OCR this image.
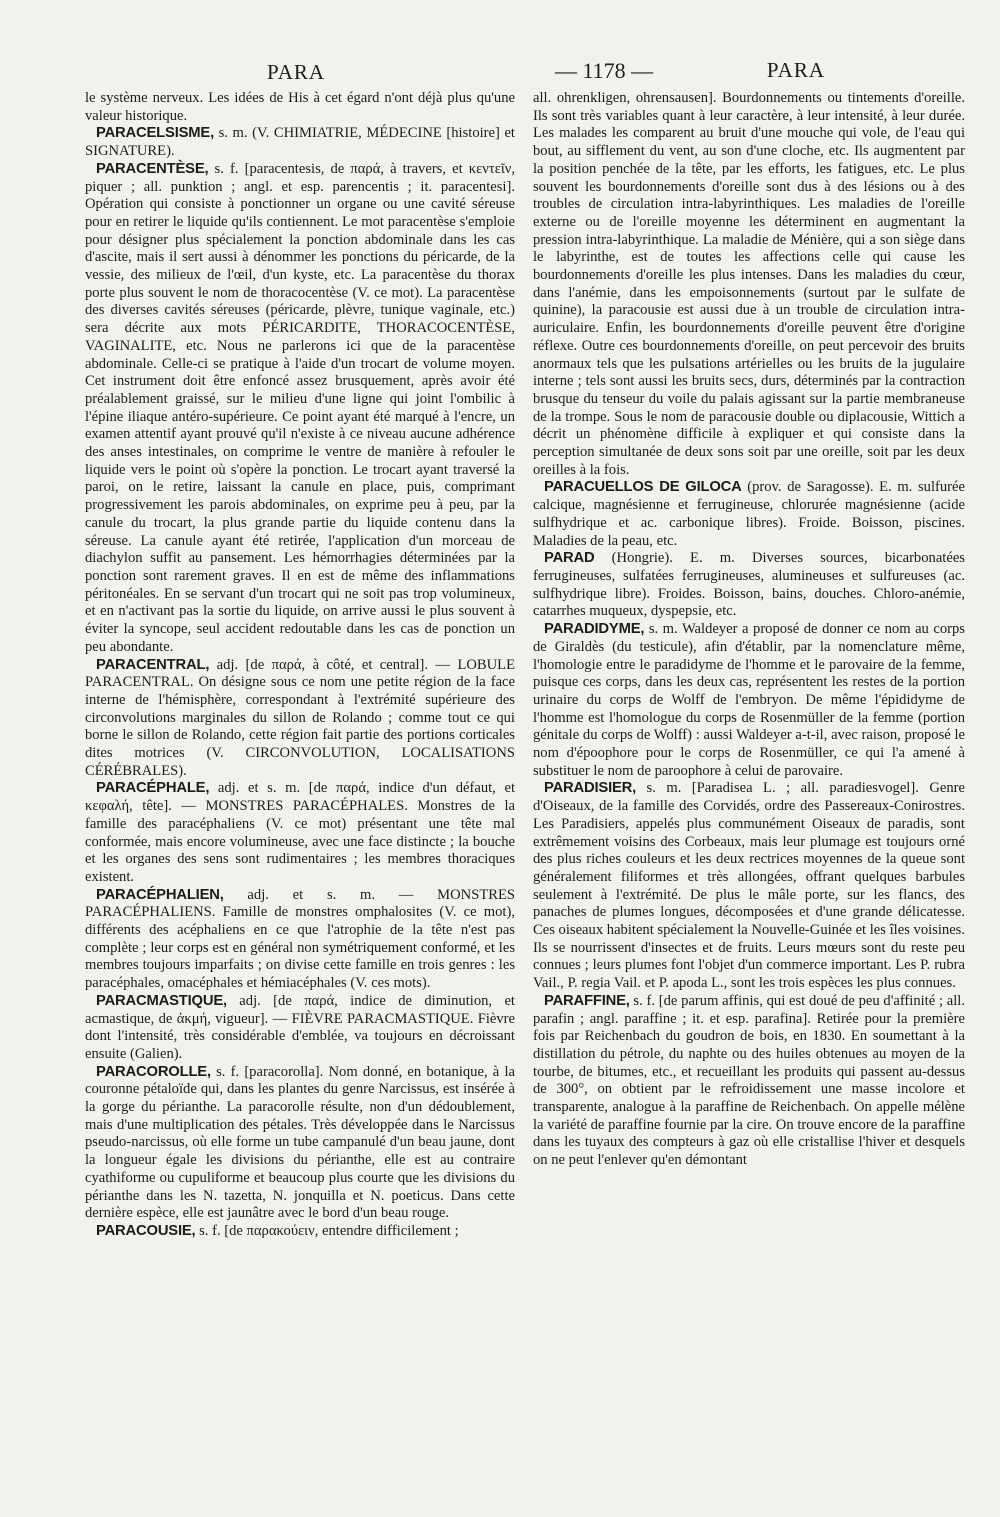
PARA	— 1178 —	PARA

le système nerveux. Les idées de His à cet égard n'ont déjà plus qu'une valeur historique.

PARACELSISME, s. m. (V. CHIMIATRIE, MÉDECINE [histoire] et SIGNATURE).

PARACENTÈSE, s. f. [paracentesis, de παρά, à travers, et κεντεῖν, piquer ; all. punktion ; angl. et esp. parencentis ; it. paracentesi]. Opération qui consiste à ponctionner un organe ou une cavité séreuse pour en retirer le liquide qu'ils contiennent. Le mot paracentèse s'emploie pour désigner plus spécialement la ponction abdominale dans les cas d'ascite, mais il sert aussi à dénommer les ponctions du péricarde, de la vessie, des milieux de l'œil, d'un kyste, etc. La paracentèse du thorax porte plus souvent le nom de thoracocentèse (V. ce mot). La paracentèse des diverses cavités séreuses (péricarde, plèvre, tunique vaginale, etc.) sera décrite aux mots PÉRICARDITE, THORACOCENTÈSE, VAGINALITE, etc. Nous ne parlerons ici que de la paracentèse abdominale. Celle-ci se pratique à l'aide d'un trocart de volume moyen. Cet instrument doit être enfoncé assez brusquement, après avoir été préalablement graissé, sur le milieu d'une ligne qui joint l'ombilic à l'épine iliaque antéro-supérieure. Ce point ayant été marqué à l'encre, un examen attentif ayant prouvé qu'il n'existe à ce niveau aucune adhérence des anses intestinales, on comprime le ventre de manière à refouler le liquide vers le point où s'opère la ponction. Le trocart ayant traversé la paroi, on le retire, laissant la canule en place, puis, comprimant progressivement les parois abdominales, on exprime peu à peu, par la canule du trocart, la plus grande partie du liquide contenu dans la séreuse. La canule ayant été retirée, l'application d'un morceau de diachylon suffit au pansement. Les hémorrhagies déterminées par la ponction sont rarement graves. Il en est de même des inflammations péritonéales. En se servant d'un trocart qui ne soit pas trop volumineux, et en n'activant pas la sortie du liquide, on arrive aussi le plus souvent à éviter la syncope, seul accident redoutable dans les cas de ponction un peu abondante.

PARACENTRAL, adj. [de παρά, à côté, et central]. — LOBULE PARACENTRAL. On désigne sous ce nom une petite région de la face interne de l'hémisphère, correspondant à l'extrémité supérieure des circonvolutions marginales du sillon de Rolando ; comme tout ce qui borne le sillon de Rolando, cette région fait partie des portions corticales dites motrices (V. CIRCONVOLUTION, LOCALISATIONS CÉRÉBRALES).

PARACÉPHALE, adj. et s. m. [de παρά, indice d'un défaut, et κεφαλή, tête]. — MONSTRES PARACÉPHALES. Monstres de la famille des paracéphaliens (V. ce mot) présentant une tête mal conformée, mais encore volumineuse, avec une face distincte ; la bouche et les organes des sens sont rudimentaires ; les membres thoraciques existent.

PARACÉPHALIEN, adj. et s. m. — MONSTRES PARACÉPHALIENS. Famille de monstres omphalosites (V. ce mot), différents des acéphaliens en ce que l'atrophie de la tête n'est pas complète ; leur corps est en général non symétriquement conformé, et les membres toujours imparfaits ; on divise cette famille en trois genres : les paracéphales, omacéphales et hémiacéphales (V. ces mots).

PARACMASTIQUE, adj. [de παρά, indice de diminution, et acmastique, de ἀκμή, vigueur]. — FIÈVRE PARACMASTIQUE. Fièvre dont l'intensité, très considérable d'emblée, va toujours en décroissant ensuite (Galien).

PARACOROLLE, s. f. [paracorolla]. Nom donné, en botanique, à la couronne pétaloïde qui, dans les plantes du genre Narcissus, est insérée à la gorge du périanthe. La paracorolle résulte, non d'un dédoublement, mais d'une multiplication des pétales. Très développée dans le Narcissus pseudo-narcissus, où elle forme un tube campanulé d'un beau jaune, dont la longueur égale les divisions du périanthe, elle est au contraire cyathiforme ou cupuliforme et beaucoup plus courte que les divisions du périanthe dans les N. tazetta, N. jonquilla et N. poeticus. Dans cette dernière espèce, elle est jaunâtre avec le bord d'un beau rouge.

PARACOUSIE, s. f. [de παρακούειν, entendre difficilement ;

all. ohrenkligen, ohrensausen]. Bourdonnements ou tintements d'oreille. Ils sont très variables quant à leur caractère, à leur intensité, à leur durée. Les malades les comparent au bruit d'une mouche qui vole, de l'eau qui bout, au sifflement du vent, au son d'une cloche, etc. Ils augmentent par la position penchée de la tête, par les efforts, les fatigues, etc. Le plus souvent les bourdonnements d'oreille sont dus à des lésions ou à des troubles de circulation intra-labyrinthiques. Les maladies de l'oreille externe ou de l'oreille moyenne les déterminent en augmentant la pression intra-labyrinthique. La maladie de Ménière, qui a son siège dans le labyrinthe, est de toutes les affections celle qui cause les bourdonnements d'oreille les plus intenses. Dans les maladies du cœur, dans l'anémie, dans les empoisonnements (surtout par le sulfate de quinine), la paracousie est aussi due à un trouble de circulation intra-auriculaire. Enfin, les bourdonnements d'oreille peuvent être d'origine réflexe. Outre ces bourdonnements d'oreille, on peut percevoir des bruits anormaux tels que les pulsations artérielles ou les bruits de la jugulaire interne ; tels sont aussi les bruits secs, durs, déterminés par la contraction brusque du tenseur du voile du palais agissant sur la partie membraneuse de la trompe. Sous le nom de paracousie double ou diplacousie, Wittich a décrit un phénomène difficile à expliquer et qui consiste dans la perception simultanée de deux sons soit par une oreille, soit par les deux oreilles à la fois.

PARACUELLOS DE GILOCA (prov. de Saragosse). E. m. sulfurée calcique, magnésienne et ferrugineuse, chlorurée magnésienne (acide sulfhydrique et ac. carbonique libres). Froide. Boisson, piscines. Maladies de la peau, etc.

PARAD (Hongrie). E. m. Diverses sources, bicarbonatées ferrugineuses, sulfatées ferrugineuses, alumineuses et sulfureuses (ac. sulfhydrique libre). Froides. Boisson, bains, douches. Chloro-anémie, catarrhes muqueux, dyspepsie, etc.

PARADIDYME, s. m. Waldeyer a proposé de donner ce nom au corps de Giraldès (du testicule), afin d'établir, par la nomenclature même, l'homologie entre le paradidyme de l'homme et le parovaire de la femme, puisque ces corps, dans les deux cas, représentent les restes de la portion urinaire du corps de Wolff de l'embryon. De même l'épididyme de l'homme est l'homologue du corps de Rosenmüller de la femme (portion génitale du corps de Wolff) : aussi Waldeyer a-t-il, avec raison, proposé le nom d'époophore pour le corps de Rosenmüller, ce qui l'a amené à substituer le nom de paroophore à celui de parovaire.

PARADISIER, s. m. [Paradisea L. ; all. paradiesvogel]. Genre d'Oiseaux, de la famille des Corvidés, ordre des Passereaux-Conirostres. Les Paradisiers, appelés plus communément Oiseaux de paradis, sont extrêmement voisins des Corbeaux, mais leur plumage est toujours orné des plus riches couleurs et les deux rectrices moyennes de la queue sont généralement filiformes et très allongées, offrant quelques barbules seulement à l'extrémité. De plus le mâle porte, sur les flancs, des panaches de plumes longues, décomposées et d'une grande délicatesse. Ces oiseaux habitent spécialement la Nouvelle-Guinée et les îles voisines. Ils se nourrissent d'insectes et de fruits. Leurs mœurs sont du reste peu connues ; leurs plumes font l'objet d'un commerce important. Les P. rubra Vail., P. regia Vail. et P. apoda L., sont les trois espèces les plus connues.

PARAFFINE, s. f. [de parum affinis, qui est doué de peu d'affinité ; all. parafin ; angl. paraffine ; it. et esp. parafina]. Retirée pour la première fois par Reichenbach du goudron de bois, en 1830. En soumettant à la distillation du pétrole, du naphte ou des huiles obtenues au moyen de la tourbe, de bitumes, etc., et recueillant les produits qui passent au-dessus de 300°, on obtient par le refroidissement une masse incolore et transparente, analogue à la paraffine de Reichenbach. On appelle mélène la variété de paraffine fournie par la cire. On trouve encore de la paraffine dans les tuyaux des compteurs à gaz où elle cristallise l'hiver et desquels on ne peut l'enlever qu'en démontant
